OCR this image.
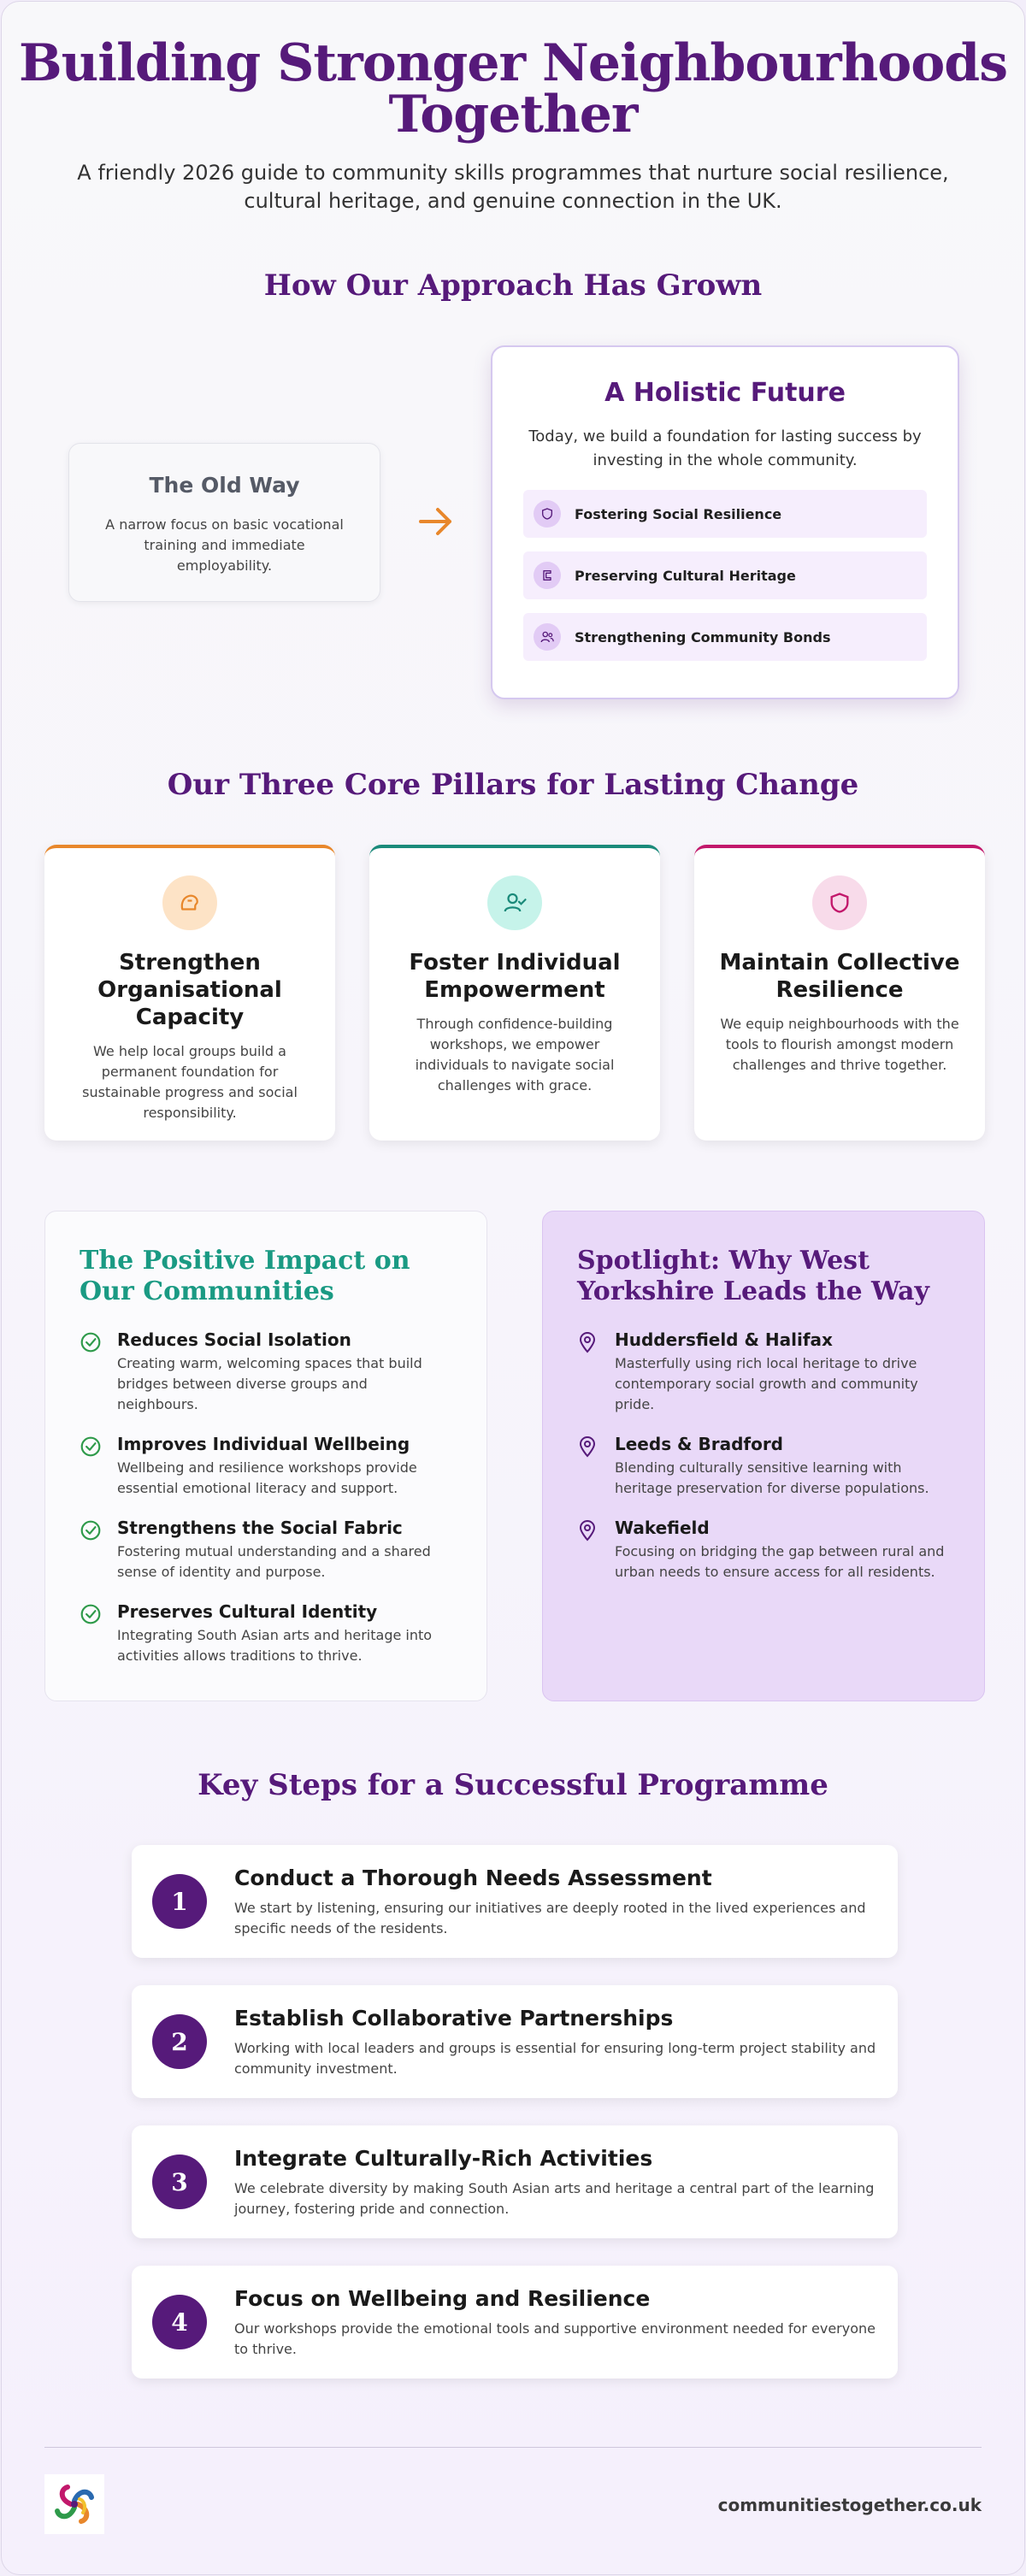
Building Stronger Neighbourhoods
Together

A friendly 2026 guide to community skills programmes that nurture social resilience, cultural heritage, and genuine connection in the UK.

How Our Approach Has Grown
The Old Way

A narrow focus on basic vocational training and immediate employability.

A Holistic Future

Today, we build a foundation for lasting success by investing in the whole community.

Fostering Social Resilience
Preserving Cultural Heritage
Strengthening Community Bonds
Our Three Core Pillars for Lasting Change
Strengthen Organisational Capacity

We help local groups build a permanent foundation for sustainable progress and social responsibility.

Foster Individual Empowerment

Through confidence-building workshops, we empower individuals to navigate social challenges with grace.

Maintain Collective Resilience

We equip neighbourhoods with the tools to flourish amongst modern challenges and thrive together.

The Positive Impact on Our Communities
Reduces Social Isolation

Creating warm, welcoming spaces that build bridges between diverse groups and neighbours.

Improves Individual Wellbeing

Wellbeing and resilience workshops provide essential emotional literacy and support.

Strengthens the Social Fabric

Fostering mutual understanding and a shared sense of identity and purpose.

Preserves Cultural Identity

Integrating South Asian arts and heritage into activities allows traditions to thrive.

Spotlight: Why West Yorkshire Leads the Way
Huddersfield & Halifax

Masterfully using rich local heritage to drive contemporary social growth and community pride.

Leeds & Bradford

Blending culturally sensitive learning with heritage preservation for diverse populations.

Wakefield

Focusing on bridging the gap between rural and urban needs to ensure access for all residents.

Key Steps for a Successful Programme
1
Conduct a Thorough Needs Assessment

We start by listening, ensuring our initiatives are deeply rooted in the lived experiences and specific needs of the residents.

2
Establish Collaborative Partnerships

Working with local leaders and groups is essential for ensuring long-term project stability and community investment.

3
Integrate Culturally-Rich Activities

We celebrate diversity by making South Asian arts and heritage a central part of the learning journey, fostering pride and connection.

4
Focus on Wellbeing and Resilience

Our workshops provide the emotional tools and supportive environment needed for everyone to thrive.

communitiestogether.co.uk
